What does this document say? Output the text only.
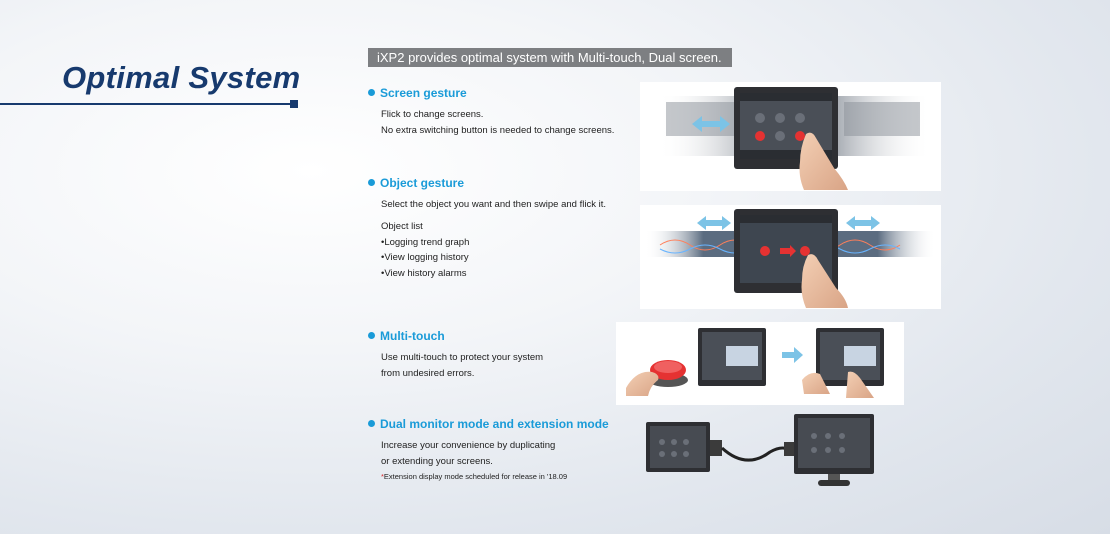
Optimal System
iXP2 provides optimal system with Multi-touch, Dual screen.
Screen gesture
Flick to change screens.
No extra switching button is needed to change screens.
Object gesture
Select the object you want and then swipe and flick it.
Object list
•Logging trend graph
•View logging history
•View history alarms
Multi-touch
Use multi-touch to protect your system
from undesired errors.
Dual monitor mode and extension mode
Increase your convenience by duplicating
or extending your screens.
*Extension display mode scheduled for release in '18.09
